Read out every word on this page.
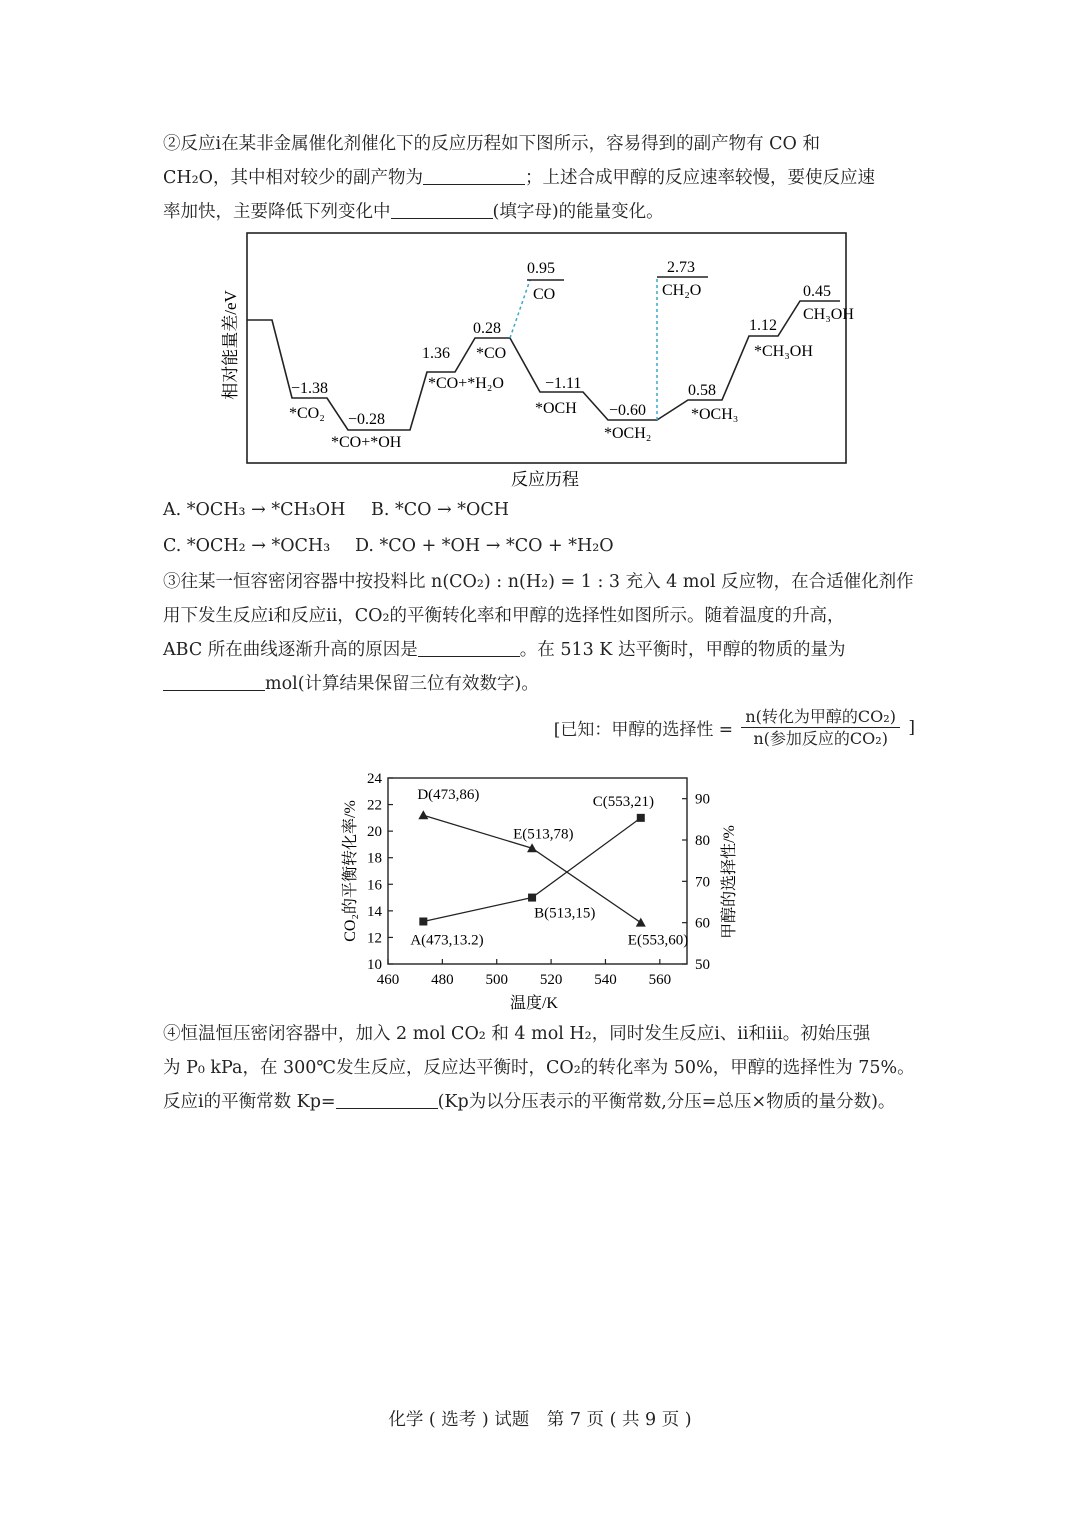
②反应ⅰ在某非金属催化剂催化下的反应历程如下图所示，容易得到的副产物有 CO 和
CH₂O，其中相对较少的副产物为	；上述合成甲醇的反应速率较慢，要使反应速
率加快，主要降低下列变化中	(填字母)的能量变化。
相对能量差/eV
反应历程
−1.38
*CO₂ −0.28
*CO+*OH
1.36
*CO+*H₂O
0.28
*CO
0.95
CO
−1.11
*OCH −0.60
*OCH₂
2.73
CH₂O
0.58
*OCH₃
1.12
*CH₃OH
0.45
CH₃OH
A. *OCH₃ → *CH₃OH B. *CO → *OCH
C. *OCH₂ → *OCH₃ D. *CO + *OH → *CO + *H₂O
③往某一恒容密闭容器中按投料比 n(CO₂) : n(H₂) = 1 : 3 充入 4 mol 反应物，在合适催化剂作
用下发生反应ⅰ和反应ⅱ，CO₂的平衡转化率和甲醇的选择性如图所示。随着温度的升高，
ABC 所在曲线逐渐升高的原因是	。在 513 K 达平衡时，甲醇的物质的量为
mol(计算结果保留三位有效数字)。
[已知：甲醇的选择性 = $\frac{\text{n(转化为甲醇的CO₂)}}{\text{n(参加反应的CO₂)}}$ ]
CO₂的平衡转化率/%	甲醇的选择性/%
温度/K
460 480 500 520 540 560
10
12
14
16
18
20
22
24
50
60
70
80
90
A(473,13.2)
B(513,15)
C(553,21)
D(473,86)
E(513,78)
E(553,60)
④恒温恒压密闭容器中，加入 2 mol CO₂ 和 4 mol H₂，同时发生反应ⅰ、ⅱ和ⅲ。初始压强
为 P₀ kPa，在 300℃发生反应，反应达平衡时，CO₂的转化率为 50%，甲醇的选择性为 75%。
反应ⅰ的平衡常数 Kp=	(Kp为以分压表示的平衡常数,分压=总压×物质的量分数)。
化学 ( 选考 ) 试题　第 7 页 ( 共 9 页 )
